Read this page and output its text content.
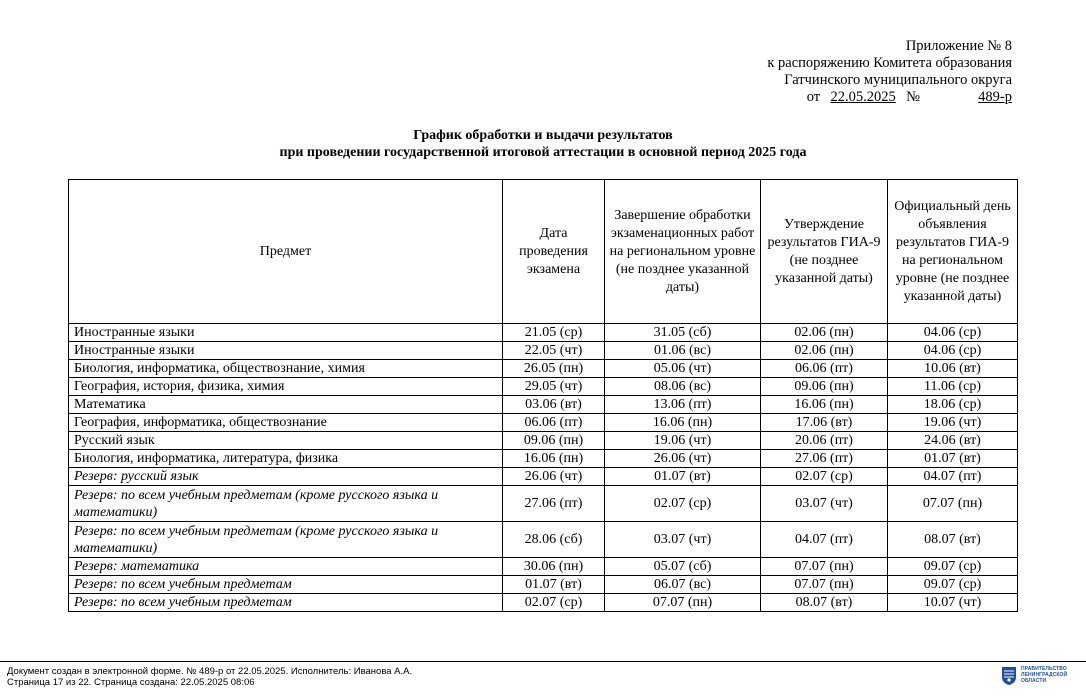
Приложение № 8
к распоряжению Комитета образования
Гатчинского муниципального округа
от 22.05.2025 №	489-р
График обработки и выдачи результатов
при проведении государственной итоговой аттестации в основной период 2025 года
Предмет	Дата проведения экзамена	Завершение обработки экзаменационных работ на региональном уровне (не позднее указанной даты)	Утверждение результатов ГИА-9 (не позднее указанной даты)	Официальный день объявления результатов ГИА-9 на региональном уровне (не позднее указанной даты)
Иностранные языки	21.05 (ср)	31.05 (сб)	02.06 (пн)	04.06 (ср)
Иностранные языки	22.05 (чт)	01.06 (вс)	02.06 (пн)	04.06 (ср)
Биология, информатика, обществознание, химия	26.05 (пн)	05.06 (чт)	06.06 (пт)	10.06 (вт)
География, история, физика, химия	29.05 (чт)	08.06 (вс)	09.06 (пн)	11.06 (ср)
Математика	03.06 (вт)	13.06 (пт)	16.06 (пн)	18.06 (ср)
География, информатика, обществознание	06.06 (пт)	16.06 (пн)	17.06 (вт)	19.06 (чт)
Русский язык	09.06 (пн)	19.06 (чт)	20.06 (пт)	24.06 (вт)
Биология, информатика, литература, физика	16.06 (пн)	26.06 (чт)	27.06 (пт)	01.07 (вт)
Резерв: русский язык	26.06 (чт)	01.07 (вт)	02.07 (ср)	04.07 (пт)
Резерв: по всем учебным предметам (кроме русского языка и математики)	27.06 (пт)	02.07 (ср)	03.07 (чт)	07.07 (пн)
Резерв: по всем учебным предметам (кроме русского языка и математики)	28.06 (сб)	03.07 (чт)	04.07 (пт)	08.07 (вт)
Резерв: математика	30.06 (пн)	05.07 (сб)	07.07 (пн)	09.07 (ср)
Резерв: по всем учебным предметам	01.07 (вт)	06.07 (вс)	07.07 (пн)	09.07 (ср)
Резерв: по всем учебным предметам	02.07 (ср)	07.07 (пн)	08.07 (вт)	10.07 (чт)
Документ создан в электронной форме. № 489-р от 22.05.2025. Исполнитель: Иванова А.А.
Страница 17 из 22. Страница создана: 22.05.2025 08:06
ПРАВИТЕЛЬСТВО ЛЕНИНГРАДСКОЙ ОБЛАСТИ
